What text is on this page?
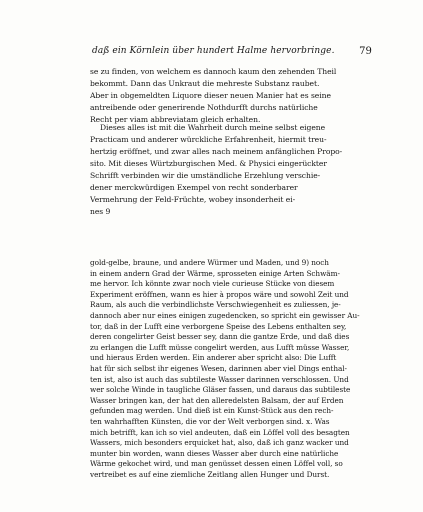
daß ein Körnlein über hundert Halme hervorbringe. 79
se zu finden, von welchem es dannoch kaum den zehenden Theil
bekommt. Dann das Unkraut die mehreste Substanz raubet.
Aber in obgemeldten Liquore dieser neuen Manier hat es seine
antreibende oder generirende Nothdurfft durchs natürliche
Recht per viam abbreviatam gleich erhalten.
Dieses alles ist mit die Wahrheit durch meine selbst eigene
Practicam und anderer würckliche Erfahrenheit, hiermit treu-
hertzig eröffnet, und zwar alles nach meinem anfänglichen Propo-
sito. Mit dieses Würtzburgischen Med. & Physici eingerückter
Schrifft verbinden wir die umständliche Erzehlung verschie-
dener merckwürdigen Exempel von recht sonderbarer
Vermehrung der Feld-Früchte, wobey insonderheit ei-
nes 9
gold-gelbe, braune, und andere Würmer und Maden, und 9) noch
in einem andern Grad der Wärme, sprosseten einige Arten Schwäm-
me hervor. Ich könnte zwar noch viele curieuse Stücke von diesem
Experiment eröffnen, wann es hier à propos wäre und sowohl Zeit und
Raum, als auch die verbindlichste Verschwiegenheit es zuliessen, je-
dannoch aber nur eines einigen zugedencken, so spricht ein gewisser Au-
tor, daß in der Lufft eine verborgene Speise des Lebens enthalten sey,
deren congelirter Geist besser sey, dann die gantze Erde, und daß dies
zu erlangen die Lufft müsse congelirt werden, aus Lufft müsse Wasser,
und hieraus Erden werden. Ein anderer aber spricht also: Die Lufft
hat für sich selbst ihr eigenes Wesen, darinnen aber viel Dings enthal-
ten ist, also ist auch das subtileste Wasser darinnen verschlossen. Und
wer solche Winde in taugliche Gläser fassen, und daraus das subtileste
Wasser bringen kan, der hat den alleredelsten Balsam, der auf Erden
gefunden mag werden. Und dieß ist ein Kunst-Stück aus den rech-
ten wahrhafften Künsten, die vor der Welt verborgen sind. x. Was
mich betrifft, kan ich so viel andeuten, daß ein Löffel voll des besagten
Wassers, mich besonders erquicket hat, also, daß ich ganz wacker und
munter bin worden, wann dieses Wasser aber durch eine natürliche
Wärme gekochet wird, und man genüsset dessen einen Löffel voll, so
vertreibet es auf eine ziemliche Zeitlang allen Hunger und Durst.
